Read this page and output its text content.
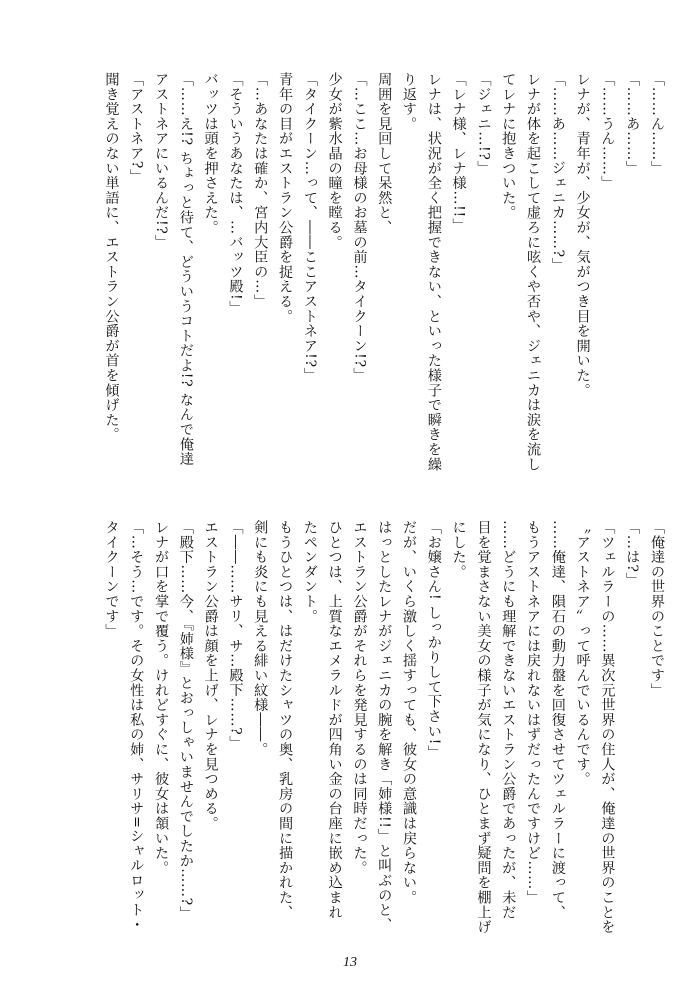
「……ん……」

「……あ……」

「……うん……」

レナが、青年が、少女が、気がつき目を開いた。

「……あ……ジェニカ……?」

レナが体を起こして虚ろに呟くや否や、ジェニカは涙を流し

てレナに抱きついた。

「ジェニ…!?」

「レナ様、レナ様…!!」

レナは、状況が全く把握できない、といった様子で瞬きを繰

り返す。

周囲を見回して呆然と、

「…ここ…お母様のお墓の前…タイクーン!?」

少女が紫水晶の瞳を瞠る。

「タイクーン…って、――ここアストネア!?」

青年の目がエストラン公爵を捉える。

「…あなたは確か、宮内大臣の…」

「そういうあなたは、…バッツ殿!」

バッツは頭を押さえた。

「……え!? ちょっと待て、どういうコトだよ!? なんで俺達

アストネアにいるんだ!?」

「アストネア?」

聞き覚えのない単語に、エストラン公爵が首を傾げた。

「俺達の世界のことです」

「…は?」

「ツェルラーの……異次元世界の住人が、俺達の世界のことを

〝アストネア〟って呼んでいるんです。

……俺達、隕石の動力盤を回復させてツェルラーに渡って、

もうアストネアには戻れないはずだったんですけど……」

……どうにも理解できないエストラン公爵であったが、未だ

目を覚まさない美女の様子が気になり、ひとまず疑問を棚上げ

にした。

「お嬢さん! しっかりして下さい!」

だが、いくら激しく揺すっても、彼女の意識は戻らない。

はっとしたレナがジェニカの腕を解き「姉様!!」と叫ぶのと、

エストラン公爵がそれらを発見するのは同時だった。

ひとつは、上質なエメラルドが四角い金の台座に嵌め込まれ

たペンダント。

もうひとつは、はだけたシャツの奥、乳房の間に描かれた、

剣にも炎にも見える緋い紋様――。

「――……サリ、サ…殿下……?」

エストラン公爵は顔を上げ、レナを見つめる。

「殿下……今、『姉様』とおっしゃいませんでしたか……?」

レナが口を掌で覆う。けれどすぐに、彼女は頷いた。

「…そう…です。その女性は私の姉、サリサ=シャルロット・

タイクーンです」

13
